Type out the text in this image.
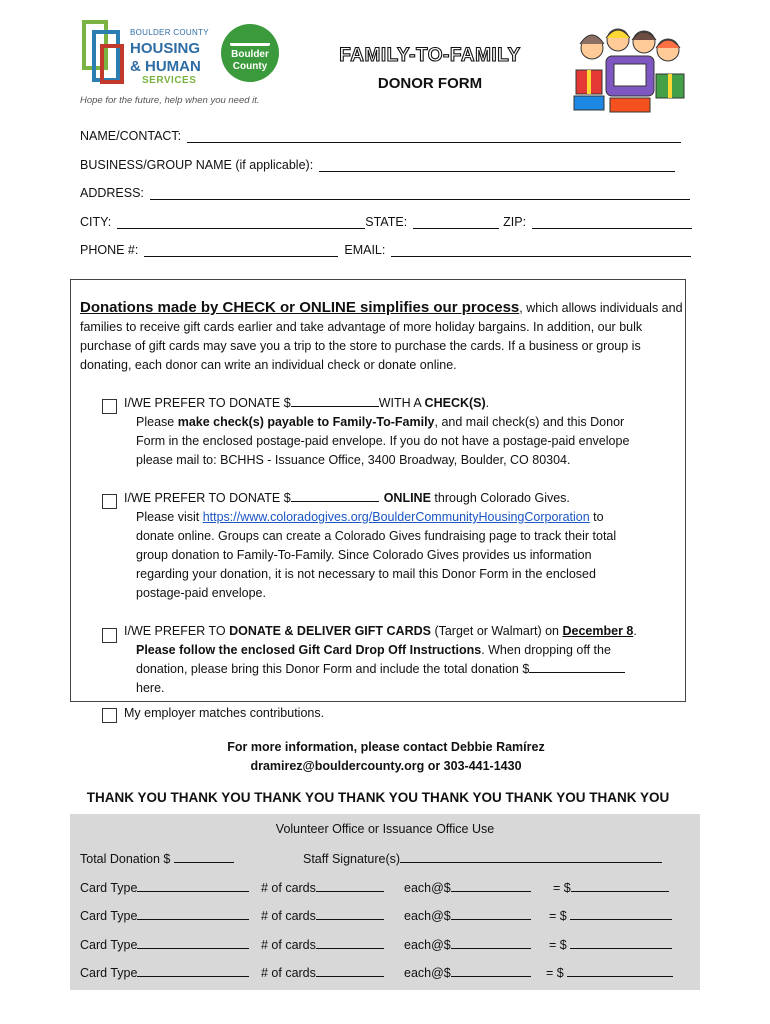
BOULDER COUNTY
HOUSING
& HUMAN
SERVICES
Hope for the future, help when you need it.
Boulder
County
FAMILY-TO-FAMILY
DONOR FORM
NAME/CONTACT:
BUSINESS/GROUP NAME (if applicable):
ADDRESS:
CITY:	STATE:	ZIP:
PHONE #:	EMAIL:
Donations made by CHECK or ONLINE simplifies our process, which allows individuals and families to receive gift cards earlier and take advantage of more holiday bargains. In addition, our bulk purchase of gift cards may save you a trip to the store to purchase the cards. If a business or group is donating, each donor can write an individual check or donate online.
I/WE PREFER TO DONATE $	WITH A CHECK(S).
Please make check(s) payable to Family-To-Family, and mail check(s) and this Donor
Form in the enclosed postage-paid envelope. If you do not have a postage-paid envelope
please mail to: BCHHS - Issuance Office, 3400 Broadway, Boulder, CO 80304.
I/WE PREFER TO DONATE $	ONLINE through Colorado Gives.
Please visit https://www.coloradogives.org/BoulderCommunityHousingCorporation to
donate online. Groups can create a Colorado Gives fundraising page to track their total
group donation to Family-To-Family. Since Colorado Gives provides us information
regarding your donation, it is not necessary to mail this Donor Form in the enclosed
postage-paid envelope.
I/WE PREFER TO DONATE & DELIVER GIFT CARDS (Target or Walmart) on December 8.
Please follow the enclosed Gift Card Drop Off Instructions. When dropping off the
donation, please bring this Donor Form and include the total donation $
here.
My employer matches contributions.
For more information, please contact Debbie Ramírez
dramirez@bouldercounty.org or 303-441-1430
THANK YOU THANK YOU THANK YOU THANK YOU THANK YOU THANK YOU THANK YOU
Volunteer Office or Issuance Office Use
Total Donation $	Staff Signature(s)
Card Type	# of cards	each@$	= $
Card Type	# of cards	each@$	= $
Card Type	# of cards	each@$	= $
Card Type	# of cards	each@$	= $
